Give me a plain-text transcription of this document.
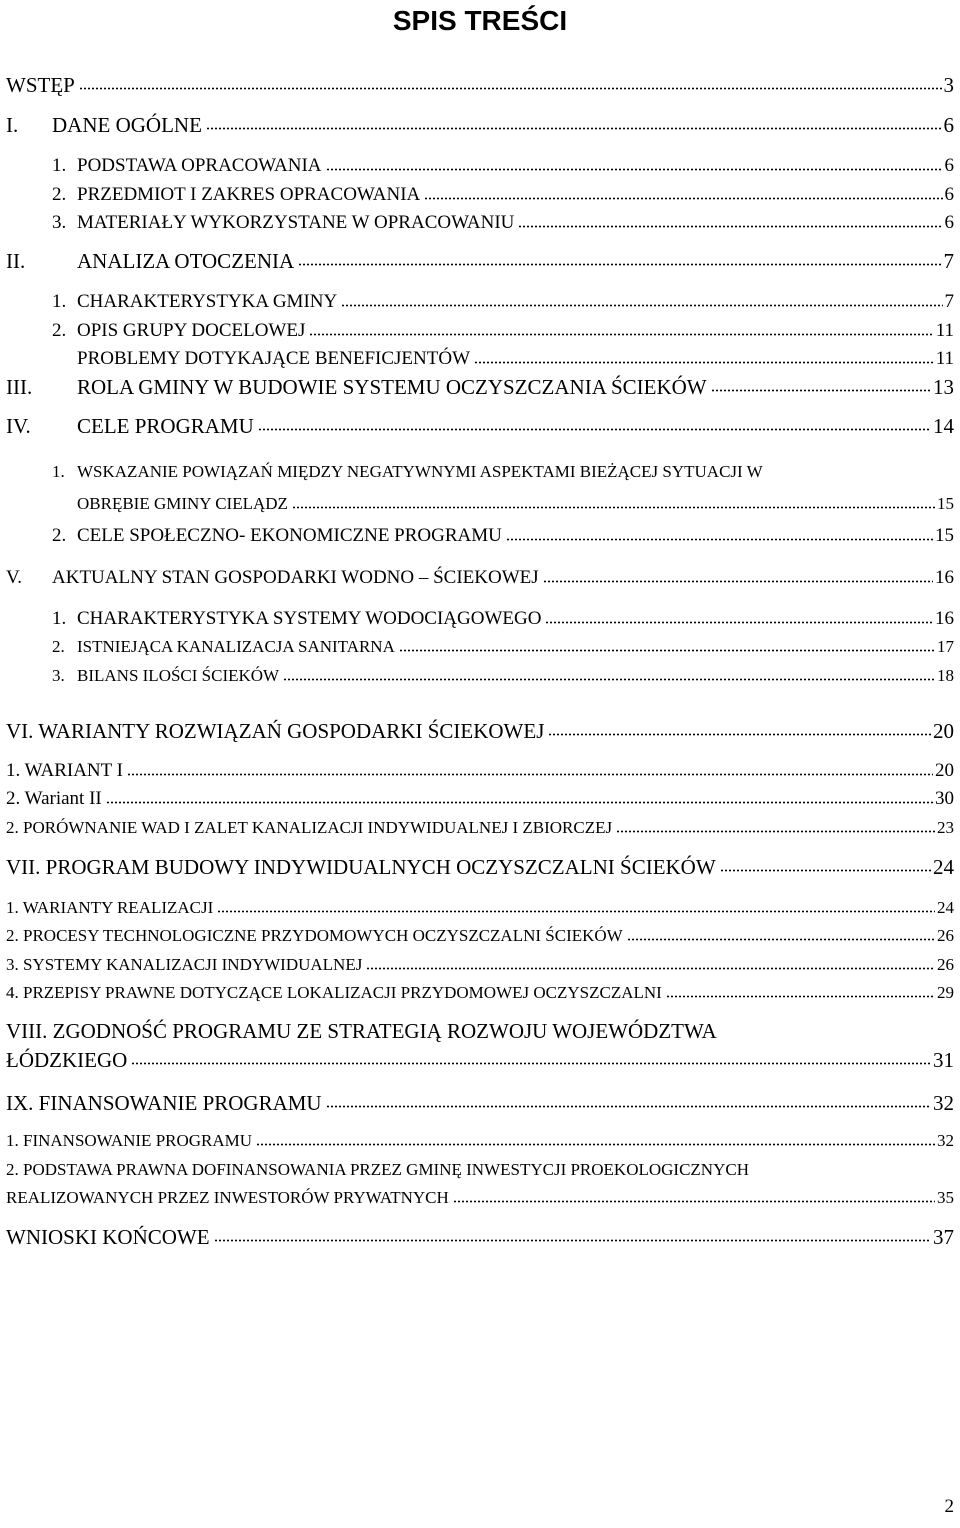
SPIS TREŚCI
WSTĘP	3
I. DANE OGÓLNE	6
1. PODSTAWA OPRACOWANIA	6
2. PRZEDMIOT I ZAKRES OPRACOWANIA	6
3. MATERIAŁY WYKORZYSTANE W OPRACOWANIU	6
II. ANALIZA OTOCZENIA	7
1. CHARAKTERYSTYKA GMINY	7
2. OPIS GRUPY DOCELOWEJ	11
PROBLEMY DOTYKAJĄCE BENEFICJENTÓW	11
III. ROLA GMINY W BUDOWIE SYSTEMU OCZYSZCZANIA ŚCIEKÓW	13
IV. CELE PROGRAMU	14
1. WSKAZANIE POWIĄZAŃ MIĘDZY NEGATYWNYMI ASPEKTAMI BIEŻĄCEJ SYTUACJI W
OBRĘBIE GMINY CIELĄDZ	15
2. CELE SPOŁECZNO- EKONOMICZNE PROGRAMU	15
V. AKTUALNY STAN GOSPODARKI WODNO – ŚCIEKOWEJ	16
1. CHARAKTERYSTYKA SYSTEMY WODOCIĄGOWEGO	16
2. ISTNIEJĄCA KANALIZACJA SANITARNA	17
3. BILANS ILOŚCI ŚCIEKÓW	18
VI. WARIANTY ROZWIĄZAŃ GOSPODARKI ŚCIEKOWEJ	20
1. WARIANT I	20
2. Wariant II	30
2. PORÓWNANIE WAD I ZALET KANALIZACJI INDYWIDUALNEJ I ZBIORCZEJ	23
VII. PROGRAM BUDOWY INDYWIDUALNYCH OCZYSZCZALNI ŚCIEKÓW	24
1. WARIANTY REALIZACJI	24
2. PROCESY TECHNOLOGICZNE PRZYDOMOWYCH OCZYSZCZALNI ŚCIEKÓW	26
3. SYSTEMY KANALIZACJI INDYWIDUALNEJ	26
4. PRZEPISY PRAWNE DOTYCZĄCE LOKALIZACJI PRZYDOMOWEJ OCZYSZCZALNI	29
VIII. ZGODNOŚĆ PROGRAMU ZE STRATEGIĄ ROZWOJU WOJEWÓDZTWA
ŁÓDZKIEGO	31
IX. FINANSOWANIE PROGRAMU	32
1. FINANSOWANIE PROGRAMU	32
2. PODSTAWA PRAWNA DOFINANSOWANIA PRZEZ GMINĘ INWESTYCJI PROEKOLOGICZNYCH
REALIZOWANYCH PRZEZ INWESTORÓW PRYWATNYCH	35
WNIOSKI KOŃCOWE	37
2
